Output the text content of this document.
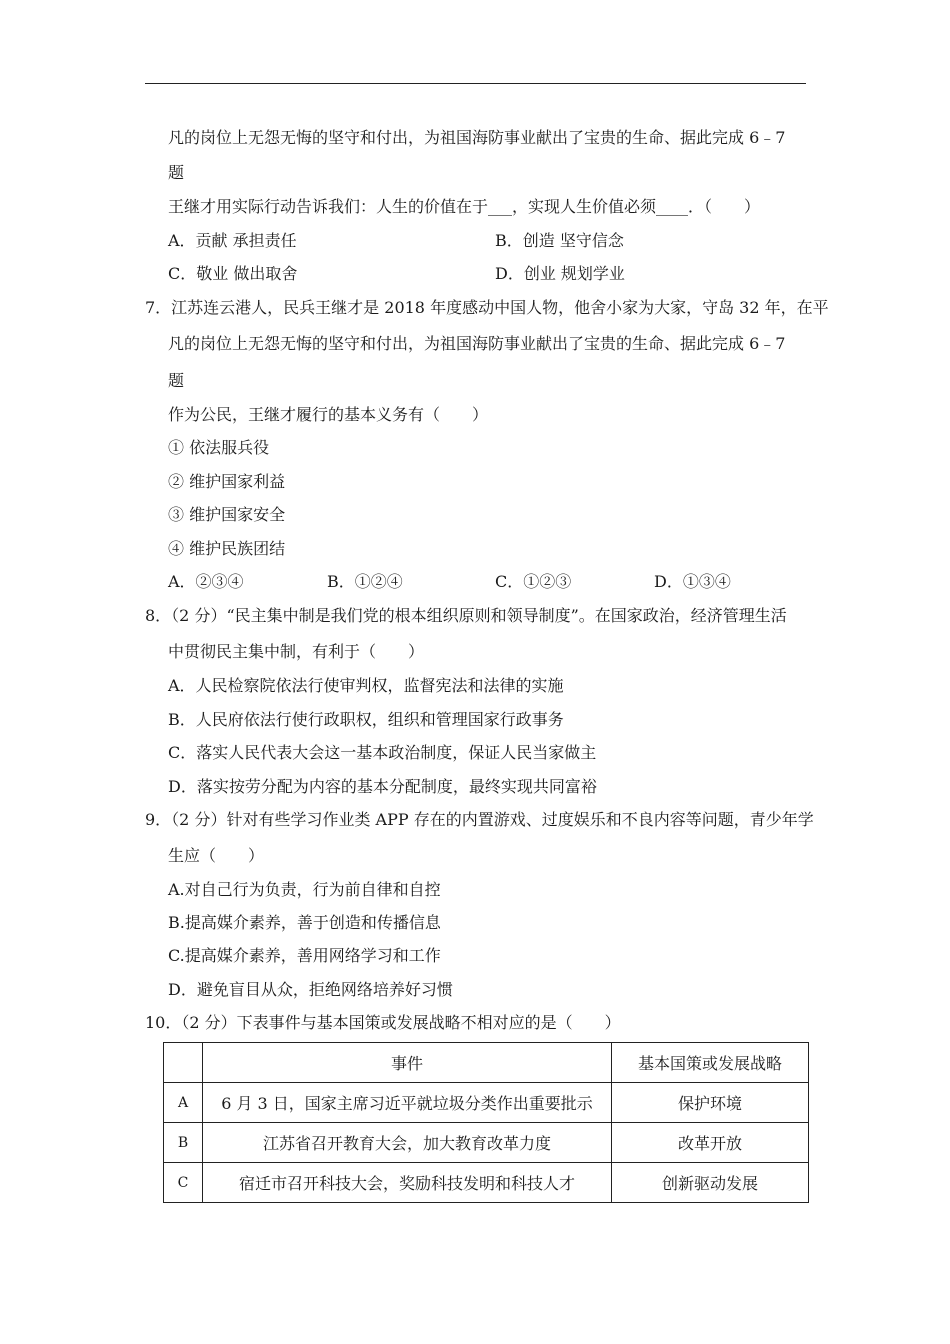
凡的岗位上无怨无悔的坚守和付出，为祖国海防事业献出了宝贵的生命、据此完成 6﹣7
题
王继才用实际行动告诉我们：人生的价值在于___，实现人生价值必须____．（　　）
A．贡献 承担责任	B．创造 坚守信念
C．敬业 做出取舍	D．创业 规划学业
7．江苏连云港人，民兵王继才是 2018 年度感动中国人物，他舍小家为大家，守岛 32 年，在平
凡的岗位上无怨无悔的坚守和付出，为祖国海防事业献出了宝贵的生命、据此完成 6﹣7
题
作为公民，王继才履行的基本义务有（　　）
① 依法服兵役
② 维护国家利益
③ 维护国家安全
④ 维护民族团结
A．②③④	B．①②④	C．①②③	D．①③④
8．（2 分）“民主集中制是我们党的根本组织原则和领导制度”。在国家政治，经济管理生活
中贯彻民主集中制，有利于（　　）
A．人民检察院依法行使审判权，监督宪法和法律的实施
B．人民府依法行使行政职权，组织和管理国家行政事务
C．落实人民代表大会这一基本政治制度，保证人民当家做主
D．落实按劳分配为内容的基本分配制度，最终实现共同富裕
9．（2 分）针对有些学习作业类 APP 存在的内置游戏、过度娱乐和不良内容等问题，青少年学
生应（　　）
A.对自己行为负责，行为前自律和自控
B.提高媒介素养，善于创造和传播信息
C.提高媒介素养，善用网络学习和工作
D．避免盲目从众，拒绝网络培养好习惯
10．（2 分）下表事件与基本国策或发展战略不相对应的是（　　）
	事件	基本国策或发展战略
A	6 月 3 日，国家主席习近平就垃圾分类作出重要批示	保护环境
B	江苏省召开教育大会，加大教育改革力度	改革开放
C	宿迁市召开科技大会，奖励科技发明和科技人才	创新驱动发展
